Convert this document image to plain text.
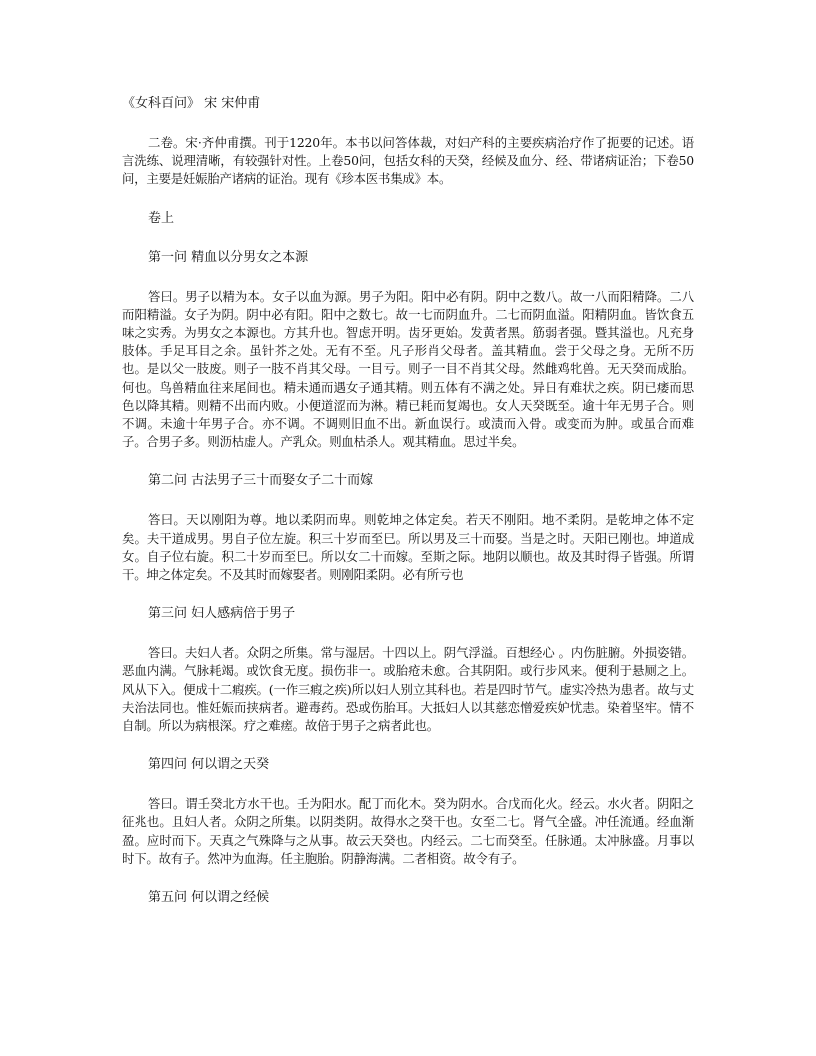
《女科百问》 宋 宋仲甫

二卷。宋·齐仲甫撰。刊于1220年。本书以问答体裁，对妇产科的主要疾病治疗作了扼要的记述。语言洗练、说理清晰，有较强针对性。上卷50问，包括女科的天癸，经候及血分、经、带诸病证治；下卷50问，主要是妊娠胎产诸病的证治。现有《珍本医书集成》本。

卷上

第一问 精血以分男女之本源

答曰。男子以精为本。女子以血为源。男子为阳。阳中必有阴。阴中之数八。故一八而阳精降。二八而阳精溢。女子为阴。阴中必有阳。阳中之数七。故一七而阴血升。二七而阴血溢。阳精阴血。皆饮食五味之实秀。为男女之本源也。方其升也。智虑开明。齿牙更始。发黄者黑。筋弱者强。暨其溢也。凡充身肢体。手足耳目之余。虽针芥之处。无有不至。凡子形肖父母者。盖其精血。尝于父母之身。无所不历也。是以父一肢废。则子一肢不肖其父母。一目亏。则子一目不肖其父母。然雌鸡牝兽。无天癸而成胎。何也。鸟兽精血往来尾间也。精未通而遇女子通其精。则五体有不满之处。异日有难状之疾。阴已痿而思色以降其精。则精不出而内败。小便道涩而为淋。精已耗而复竭也。女人天癸既至。逾十年无男子合。则不调。未逾十年男子合。亦不调。不调则旧血不出。新血误行。或渍而入骨。或变而为肿。或虽合而难子。合男子多。则沥枯虚人。产乳众。则血枯杀人。观其精血。思过半矣。

第二问 古法男子三十而娶女子二十而嫁

答曰。天以刚阳为尊。地以柔阴而卑。则乾坤之体定矣。若天不刚阳。地不柔阴。是乾坤之体不定矣。夫干道成男。男自子位左旋。积三十岁而至巳。所以男及三十而娶。当是之时。天阳已刚也。坤道成女。自子位右旋。积二十岁而至巳。所以女二十而嫁。至斯之际。地阴以顺也。故及其时得子皆强。所谓干。坤之体定矣。不及其时而嫁娶者。则刚阳柔阴。必有所亏也

第三问 妇人感病倍于男子

答曰。夫妇人者。众阴之所集。常与湿居。十四以上。阴气浮溢。百想经心 。内伤脏腑。外损姿错。恶血内满。气脉耗竭。或饮食无度。损伤非一。或胎疮未愈。合其阴阳。或行步风来。便利于悬厕之上。风从下入。便成十二瘕疾。(一作三瘕之疾)所以妇人别立其科也。若是四时节气。虚实冷热为患者。故与丈夫治法同也。惟妊娠而挟病者。避毒药。恐或伤胎耳。大抵妇人以其慈恋憎爱疾妒忧恚。染着坚牢。情不自制。所以为病根深。疗之难瘥。故倍于男子之病者此也。

第四问 何以谓之天癸

答曰。谓壬癸北方水干也。壬为阳水。配丁而化木。癸为阴水。合戊而化火。经云。水火者。阴阳之征兆也。且妇人者。众阴之所集。以阴类阴。故得水之癸干也。女至二七。肾气全盛。冲任流通。经血渐盈。应时而下。天真之气殊降与之从事。故云天癸也。内经云。二七而癸至。任脉通。太冲脉盛。月事以时下。故有子。然冲为血海。任主胞胎。阴静海满。二者相资。故令有子。

第五问 何以谓之经候
